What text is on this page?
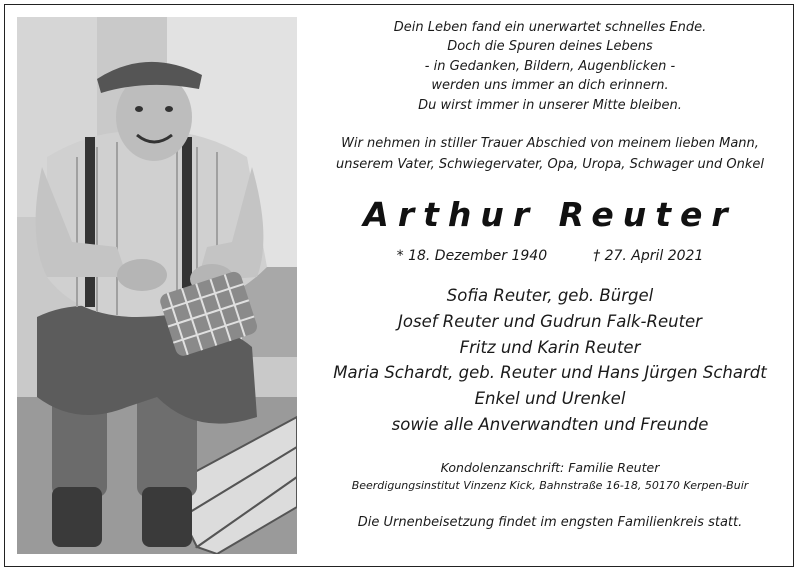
Dein Leben fand ein unerwartet schnelles Ende.
Doch die Spuren deines Lebens
- in Gedanken, Bildern, Augenblicken -
werden uns immer an dich erinnern.
Du wirst immer in unserer Mitte bleiben.
Wir nehmen in stiller Trauer Abschied von meinem lieben Mann,
unserem Vater, Schwiegervater, Opa, Uropa, Schwager und Onkel
Arthur Reuter
* 18. Dezember 1940	† 27. April 2021
Sofia Reuter, geb. Bürgel
Josef Reuter und Gudrun Falk-Reuter
Fritz und Karin Reuter
Maria Schardt, geb. Reuter und Hans Jürgen Schardt
Enkel und Urenkel
sowie alle Anverwandten und Freunde
Kondolenzanschrift: Familie Reuter
Beerdigungsinstitut Vinzenz Kick, Bahnstraße 16-18, 50170 Kerpen-Buir
Die Urnenbeisetzung findet im engsten Familienkreis statt.
